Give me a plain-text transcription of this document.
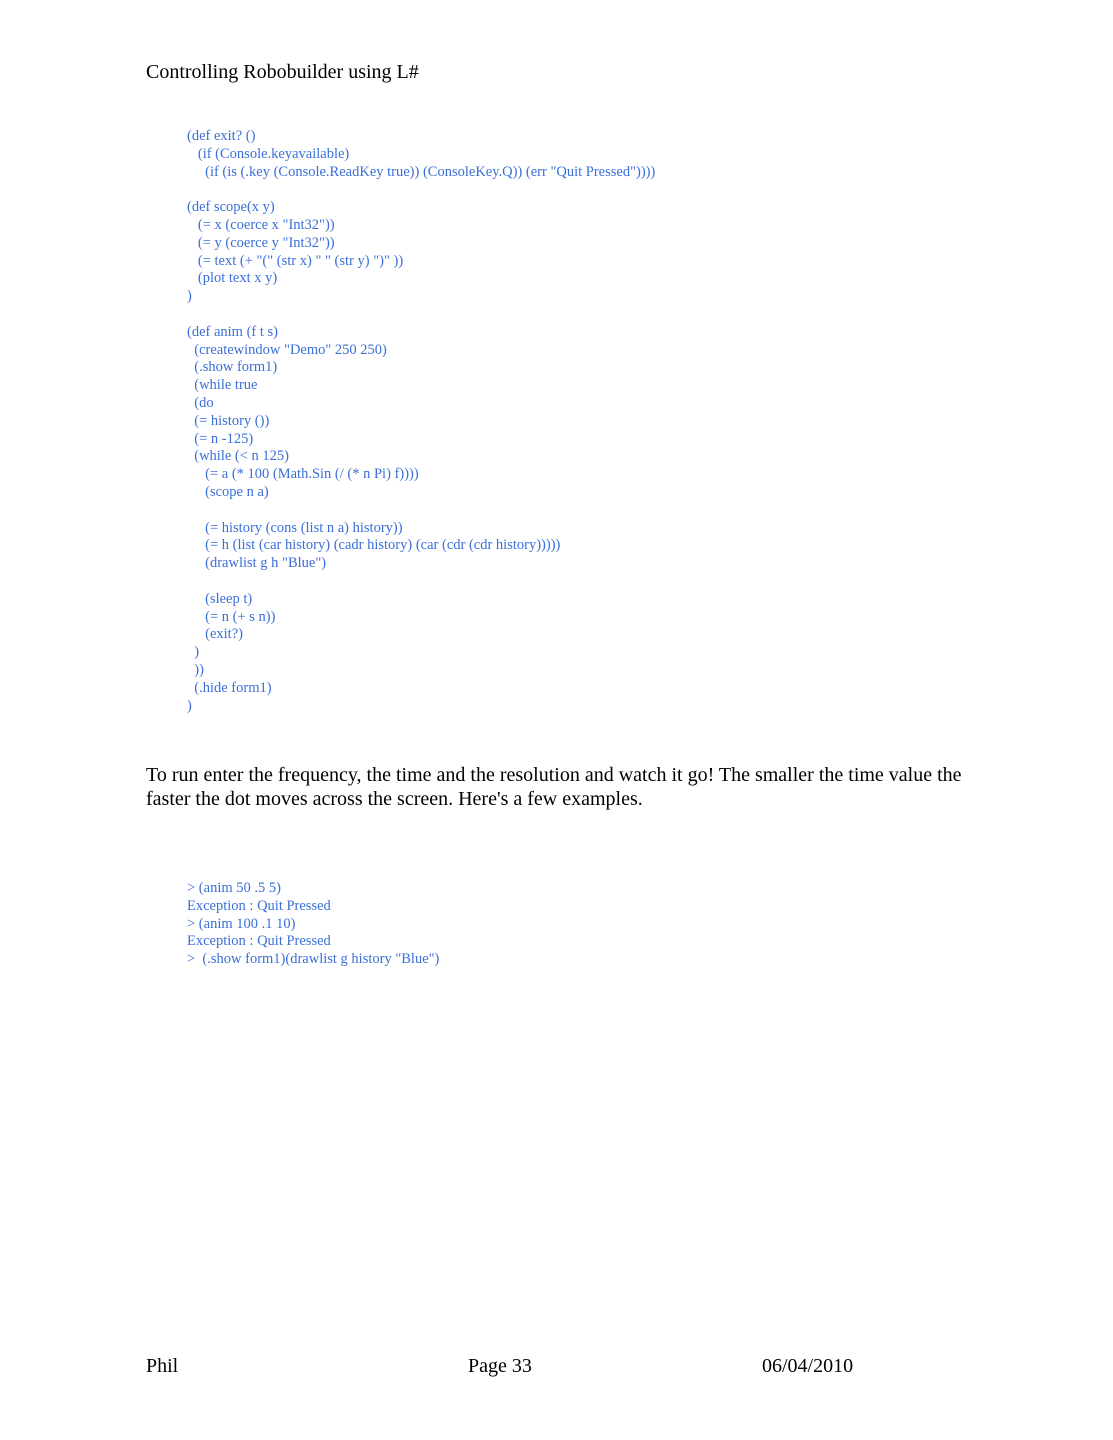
Controlling Robobuilder using L#
(def exit? ()
(if (Console.keyavailable)
(if (is (.key (Console.ReadKey true)) (ConsoleKey.Q)) (err "Quit Pressed"))))
(def scope(x y)
(= x (coerce x "Int32"))
(= y (coerce y "Int32"))
(= text (+ "(" (str x) " " (str y) ")" ))
(plot text x y)
)
(def anim (f t s)
(createwindow "Demo" 250 250)
(.show form1)
(while true
(do
(= history ())
(= n -125)
(while (< n 125)
(= a (* 100 (Math.Sin (/ (* n Pi) f))))
(scope n a)
(= history (cons (list n a) history))
(= h (list (car history) (cadr history) (car (cdr (cdr history)))))
(drawlist g h "Blue")
(sleep t)
(= n (+ s n))
(exit?)
)
))
(.hide form1)
)

To run enter the frequency, the time and the resolution and watch it go! The smaller the time value the faster the dot moves across the screen. Here's a few examples.

> (anim 50 .5 5)
Exception : Quit Pressed
> (anim 100 .1 10)
Exception : Quit Pressed
>  (.show form1)(drawlist g history "Blue")
Phil	Page 33	06/04/2010
